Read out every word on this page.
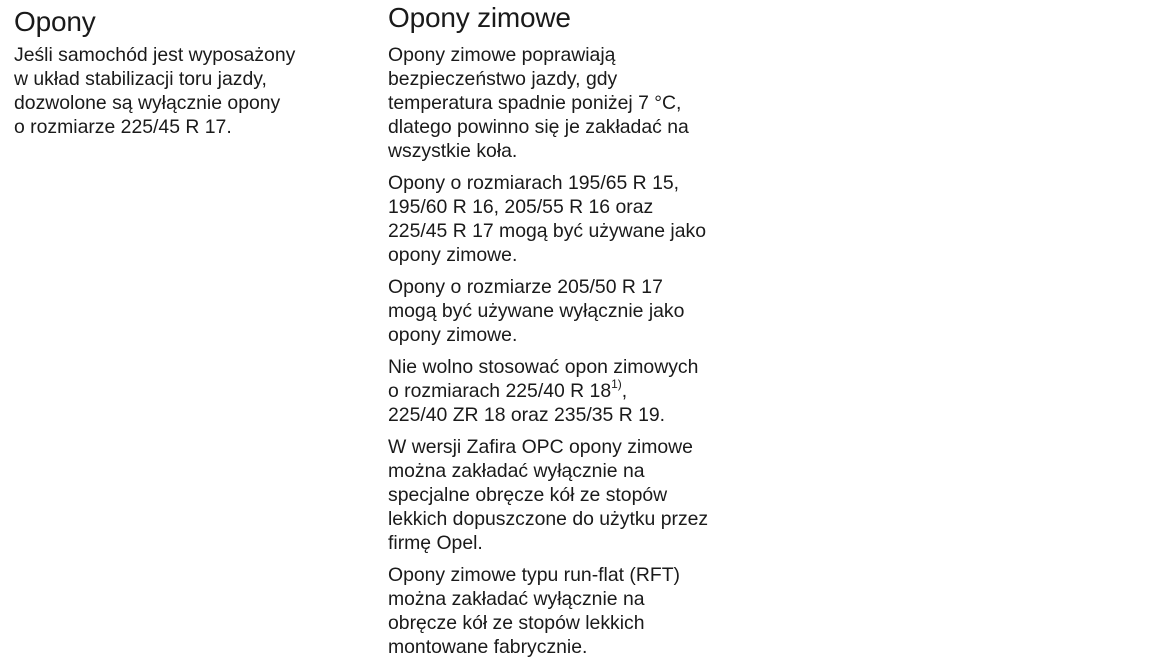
Opony

Jeśli samochód jest wyposażony
w układ stabilizacji toru jazdy,
dozwolone są wyłącznie opony
o rozmiarze 225/45 R 17.

Opony zimowe

Opony zimowe poprawiają
bezpieczeństwo jazdy, gdy
temperatura spadnie poniżej 7 °C,
dlatego powinno się je zakładać na
wszystkie koła.

Opony o rozmiarach 195/65 R 15,
195/60 R 16, 205/55 R 16 oraz
225/45 R 17 mogą być używane jako
opony zimowe.

Opony o rozmiarze 205/50 R 17
mogą być używane wyłącznie jako
opony zimowe.

Nie wolno stosować opon zimowych
o rozmiarach 225/40 R 18$^{1)}$,
225/40 ZR 18 oraz 235/35 R 19.

W wersji Zafira OPC opony zimowe
można zakładać wyłącznie na
specjalne obręcze kół ze stopów
lekkich dopuszczone do użytku przez
firmę Opel.

Opony zimowe typu run-flat (RFT)
można zakładać wyłącznie na
obręcze kół ze stopów lekkich
montowane fabrycznie.
